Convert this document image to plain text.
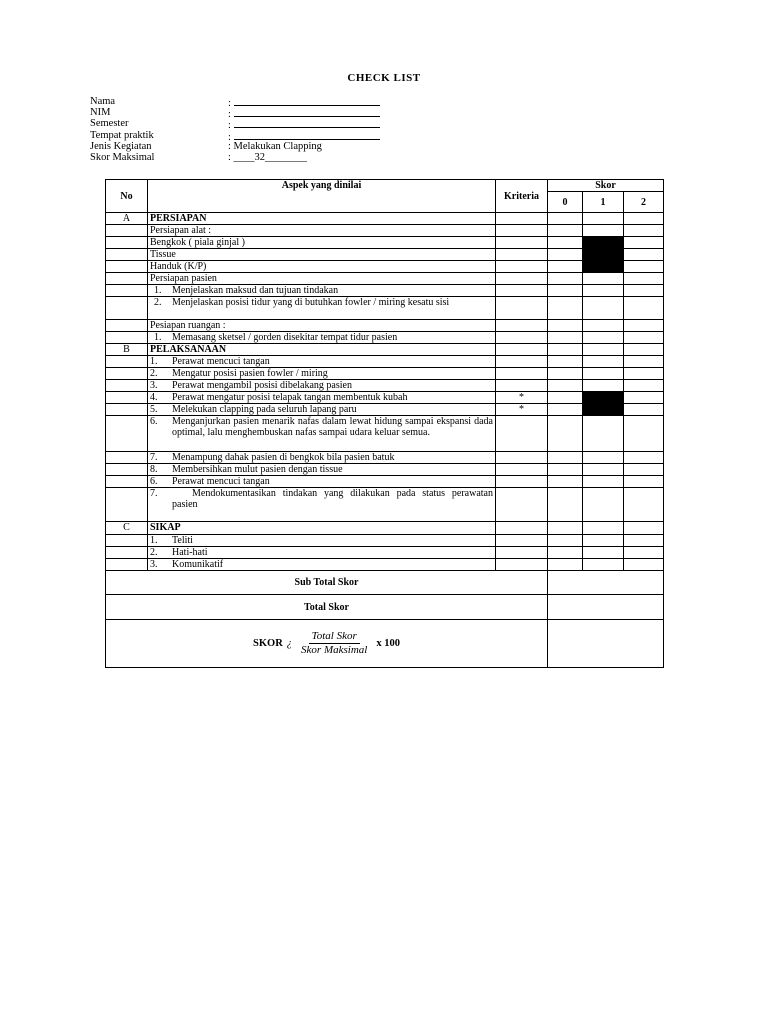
CHECK LIST
Nama	:
NIM	:
Semester	:
Tempat praktik	:
Jenis Kegiatan	: Melakukan Clapping
Skor Maksimal	: ____32________
No	Aspek yang dinilai	Kriteria	Skor		
			0	1	2
A	PERSIAPAN				
	Persiapan alat :				
	Bengkok ( piala ginjal )				
	Tissue				
	Handuk (K/P)				
	Persiapan pasien				
	1. Menjelaskan maksud dan tujuan tindakan				

	2. Menjelaskan posisi tidur yang di butuhkan fowler / miring kesatu sisi				

	Pesiapan ruangan :				
	1. Memasang sketsel / gorden disekitar tempat tidur pasien				
B	PELAKSANAAN				
	1. Perawat mencuci tangan				
	2. Mengatur posisi pasien fowler / miring				
	3. Perawat mengambil posisi dibelakang pasien				
	4. Perawat mengatur posisi telapak tangan membentuk kubah	*			
	5. Melekukan clapping pada seluruh lapang paru	*			

	6. Menganjurkan pasien menarik nafas dalam lewat hidung sampai ekspansi dada optimal, lalu menghembuskan nafas sampai udara keluar semua.				

	7. Menampung dahak pasien di bengkok bila pasien batuk				
	8. Membersihkan mulut pasien dengan tissue				
	6. Perawat mencuci tangan				

	7. Mendokumentasikan tindakan yang dilakukan pada status perawatan pasien				

C	SIKAP				
	1. Teliti				
	2. Hati-hati				
	3. Komunikatif				
Sub Total Skor					
Total Skor					

SKOR ¿ $\frac{\text{Total Skor}}{\text{Skor Maksimal}}$ x 100					
